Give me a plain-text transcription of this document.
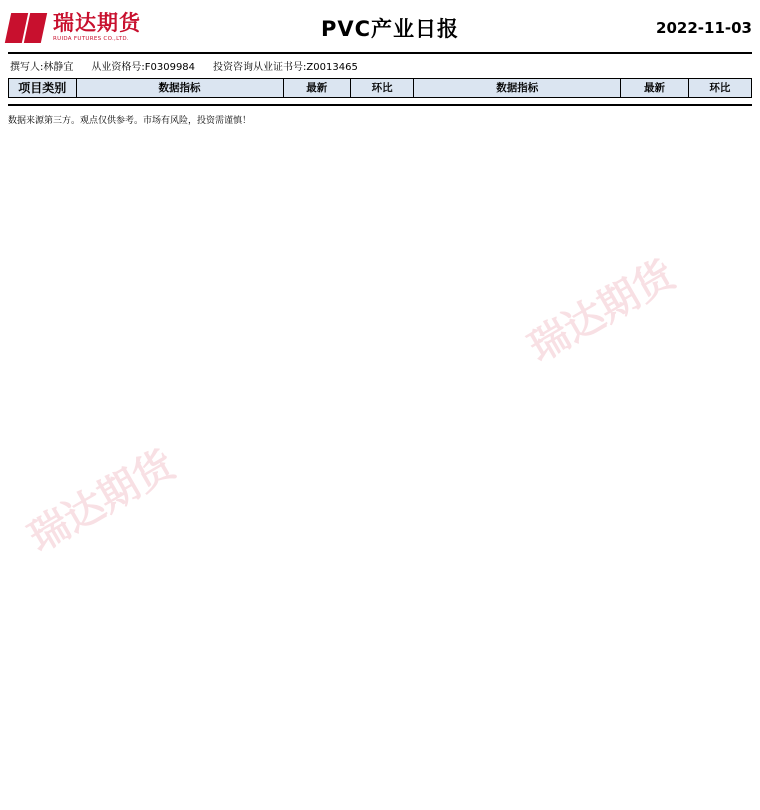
瑞达期货
瑞达期货
瑞达期货
RUIDA FUTURES CO.,LTD.	PVC产业日报	2022-11-03
撰写人:林静宜 从业资格号:F0309984 投资咨询从业证书号:Z0013465
项目类别	数据指标	最新	环比	数据指标	最新	环比
数据来源第三方。观点仅供参考。市场有风险，投资需谨慎！
